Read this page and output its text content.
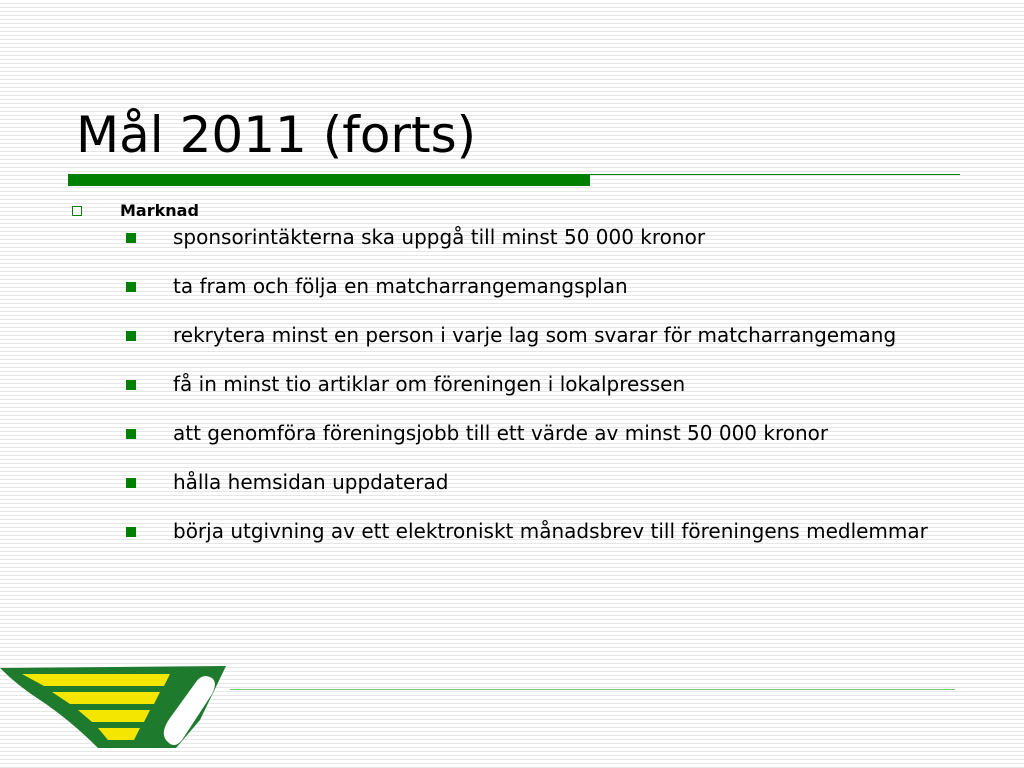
Mål 2011 (forts)
Marknad
sponsorintäkterna ska uppgå till minst 50 000 kronor
ta fram och följa en matcharrangemangsplan
rekrytera minst en person i varje lag som svarar för matcharrangemang
få in minst tio artiklar om föreningen i lokalpressen
att genomföra föreningsjobb till ett värde av minst 50 000 kronor
hålla hemsidan uppdaterad
börja utgivning av ett elektroniskt månadsbrev till föreningens medlemmar
